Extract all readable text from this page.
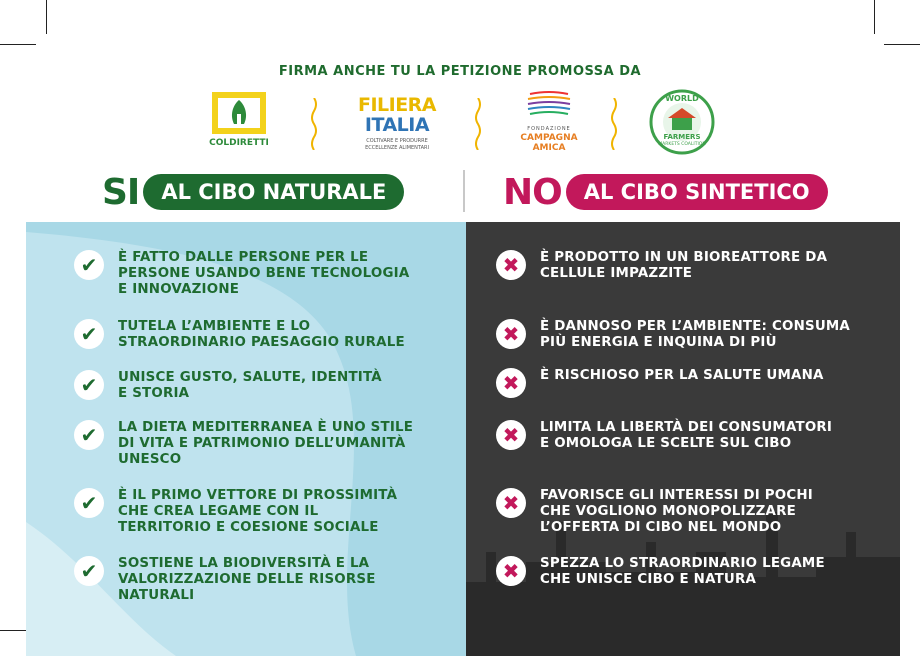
FIRMA ANCHE TU LA PETIZIONE PROMOSSA DA
COLDIRETTI
FILIERA
ITALIA
COLTIVARE E PRODURRE
ECCELLENZE ALIMENTARI
FONDAZIONE
CAMPAGNA
AMICA
WORLD
FARMERS
MARKETS COALITION
SI	AL CIBO NATURALE	NO	AL CIBO SINTETICO
✔	È FATTO DALLE PERSONE PER LE
PERSONE USANDO BENE TECNOLOGIA
E INNOVAZIONE
✔	TUTELA L’AMBIENTE E LO
STRAORDINARIO PAESAGGIO RURALE
✔	UNISCE GUSTO, SALUTE, IDENTITÀ
E STORIA
✔	LA DIETA MEDITERRANEA È UNO STILE
DI VITA E PATRIMONIO DELL’UMANITÀ
UNESCO
✔	È IL PRIMO VETTORE DI PROSSIMITÀ
CHE CREA LEGAME CON IL
TERRITORIO E COESIONE SOCIALE
✔	SOSTIENE LA BIODIVERSITÀ E LA
VALORIZZAZIONE DELLE RISORSE
NATURALI
✖	È PRODOTTO IN UN BIOREATTORE DA
CELLULE IMPAZZITE
✖	È DANNOSO PER L’AMBIENTE: CONSUMA
PIÙ ENERGIA E INQUINA DI PIÙ
✖	È RISCHIOSO PER LA SALUTE UMANA
✖	LIMITA LA LIBERTÀ DEI CONSUMATORI
E OMOLOGA LE SCELTE SUL CIBO
✖	FAVORISCE GLI INTERESSI DI POCHI
CHE VOGLIONO MONOPOLIZZARE
L’OFFERTA DI CIBO NEL MONDO
✖	SPEZZA LO STRAORDINARIO LEGAME
CHE UNISCE CIBO E NATURA
